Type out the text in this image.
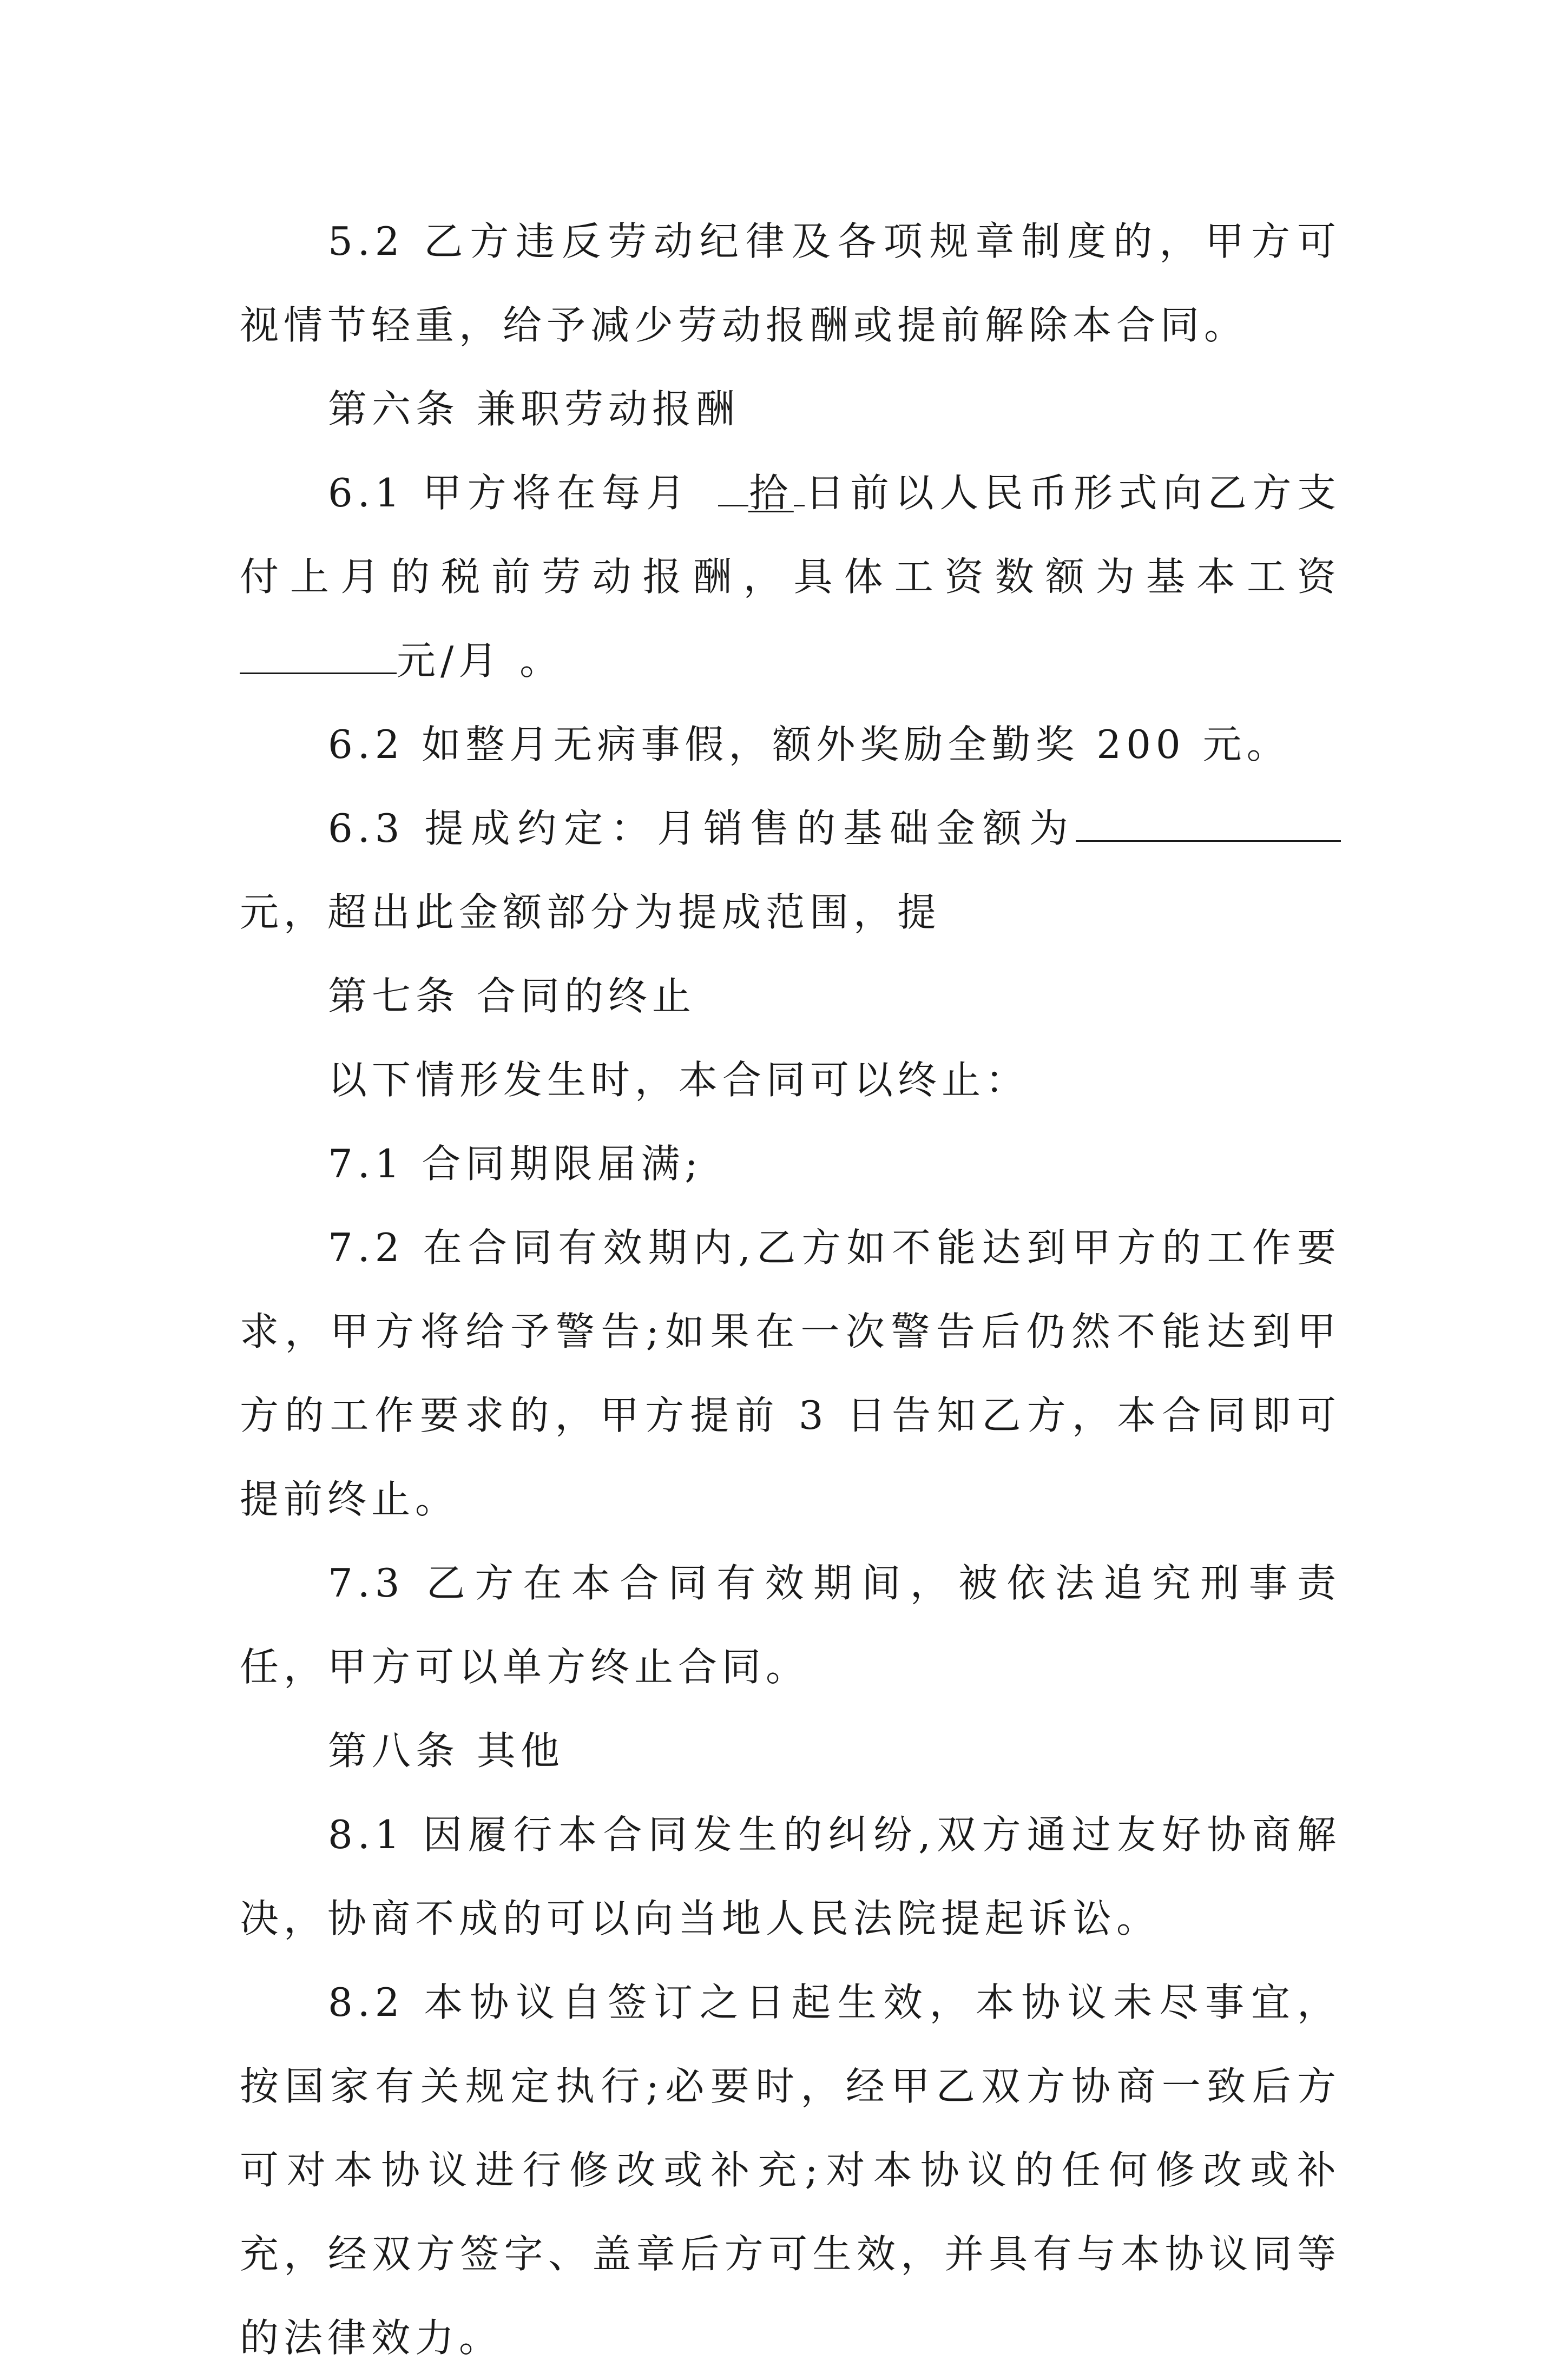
5.2 乙方违反劳动纪律及各项规章制度的，甲方可视情节轻重，给予减少劳动报酬或提前解除本合同。

第六条 兼职劳动报酬

6.1 甲方将在每月 拾 日前以人民币形式向乙方支付上月的税前劳动报酬，具体工资数额为基本工资元/月 。

6.2 如整月无病事假，额外奖励全勤奖 200 元。

6.3 提成约定：月销售的基础金额为元，超出此金额部分为提成范围，提

第七条 合同的终止

以下情形发生时，本合同可以终止：

7.1 合同期限届满;

7.2 在合同有效期内,乙方如不能达到甲方的工作要求，甲方将给予警告;如果在一次警告后仍然不能达到甲方的工作要求的，甲方提前 3 日告知乙方，本合同即可提前终止。

7.3 乙方在本合同有效期间，被依法追究刑事责任，甲方可以单方终止合同。

第八条 其他

8.1 因履行本合同发生的纠纷,双方通过友好协商解决，协商不成的可以向当地人民法院提起诉讼。

8.2 本协议自签订之日起生效，本协议未尽事宜，按国家有关规定执行;必要时，经甲乙双方协商一致后方可对本协议进行修改或补充;对本协议的任何修改或补充，经双方签字、盖章后方可生效，并具有与本协议同等的法律效力。
